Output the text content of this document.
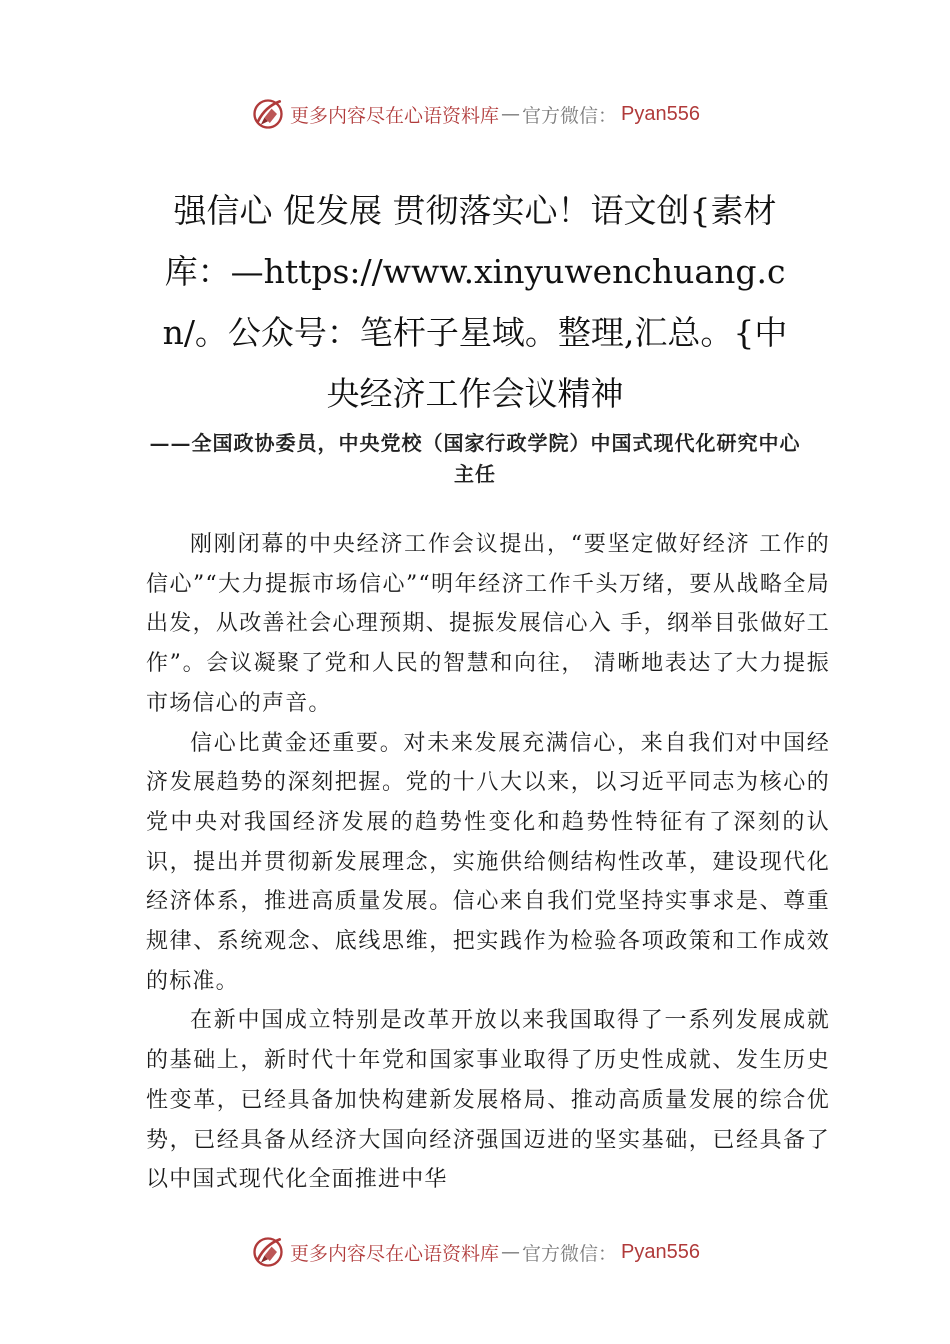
更多内容尽在心语资料库 — 官方微信： Pyan556
强信心 促发展 贯彻落实心！语文创{素材库：—https://www.xinyuwenchuang.cn/。公众号：笔杆子星域。整理,汇总。{中央经济工作会议精神

——全国政协委员，中央党校（国家行政学院）中国式现代化研究中心主任

刚刚闭幕的中央经济工作会议提出，“要坚定做好经济 工作的信心”“大力提振市场信心”“明年经济工作千头万绪，要从战略全局出发，从改善社会心理预期、提振发展信心入 手，纲举目张做好工作”。会议凝聚了党和人民的智慧和向往， 清晰地表达了大力提振市场信心的声音。

信心比黄金还重要。对未来发展充满信心，来自我们对中国经济发展趋势的深刻把握。党的十八大以来，以习近平同志为核心的党中央对我国经济发展的趋势性变化和趋势性特征有了深刻的认识，提出并贯彻新发展理念，实施供给侧结构性改革，建设现代化经济体系，推进高质量发展。信心来自我们党坚持实事求是、尊重规律、系统观念、底线思维，把实践作为检验各项政策和工作成效的标准。

在新中国成立特别是改革开放以来我国取得了一系列发展成就的基础上，新时代十年党和国家事业取得了历史性成就、发生历史性变革，已经具备加快构建新发展格局、推动高质量发展的综合优势，已经具备从经济大国向经济强国迈进的坚实基础，已经具备了以中国式现代化全面推进中华

更多内容尽在心语资料库 — 官方微信： Pyan556
